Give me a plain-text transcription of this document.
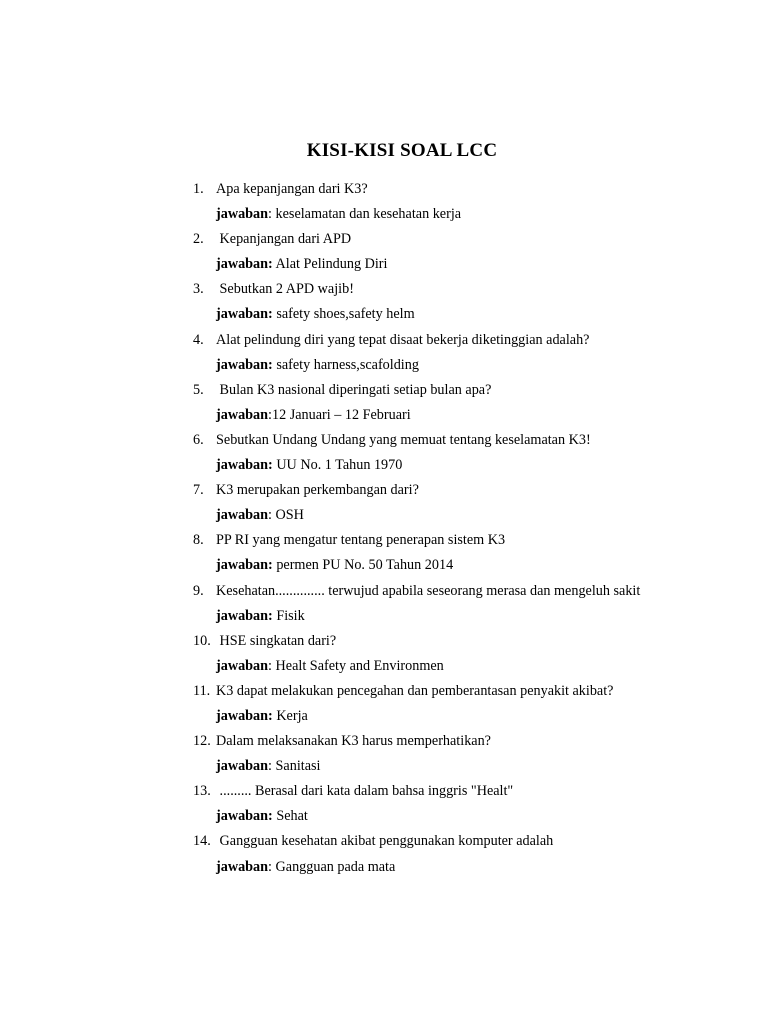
KISI-KISI SOAL LCC
1. Apa kepanjangan dari K3?
jawaban: keselamatan dan kesehatan kerja
2. Kepanjangan dari APD
jawaban: Alat Pelindung Diri
3. Sebutkan 2 APD wajib!
jawaban: safety shoes,safety helm
4. Alat pelindung diri yang tepat disaat bekerja diketinggian adalah?
jawaban: safety harness,scafolding
5. Bulan K3 nasional diperingati setiap bulan apa?
jawaban:12 Januari – 12 Februari
6. Sebutkan Undang Undang yang memuat tentang keselamatan K3!
jawaban: UU No. 1 Tahun 1970
7. K3 merupakan perkembangan dari?
jawaban: OSH
8. PP RI yang mengatur tentang penerapan sistem K3
jawaban: permen PU No. 50 Tahun 2014
9. Kesehatan.............. terwujud apabila seseorang merasa dan mengeluh sakit
jawaban: Fisik
10. HSE singkatan dari?
jawaban: Healt Safety and Environmen
11. K3 dapat melakukan pencegahan dan pemberantasan penyakit akibat?
jawaban: Kerja
12. Dalam melaksanakan K3 harus memperhatikan?
jawaban: Sanitasi
13. ......... Berasal dari kata dalam bahsa inggris "Healt"
jawaban: Sehat
14. Gangguan kesehatan akibat penggunakan komputer adalah
jawaban: Gangguan pada mata
